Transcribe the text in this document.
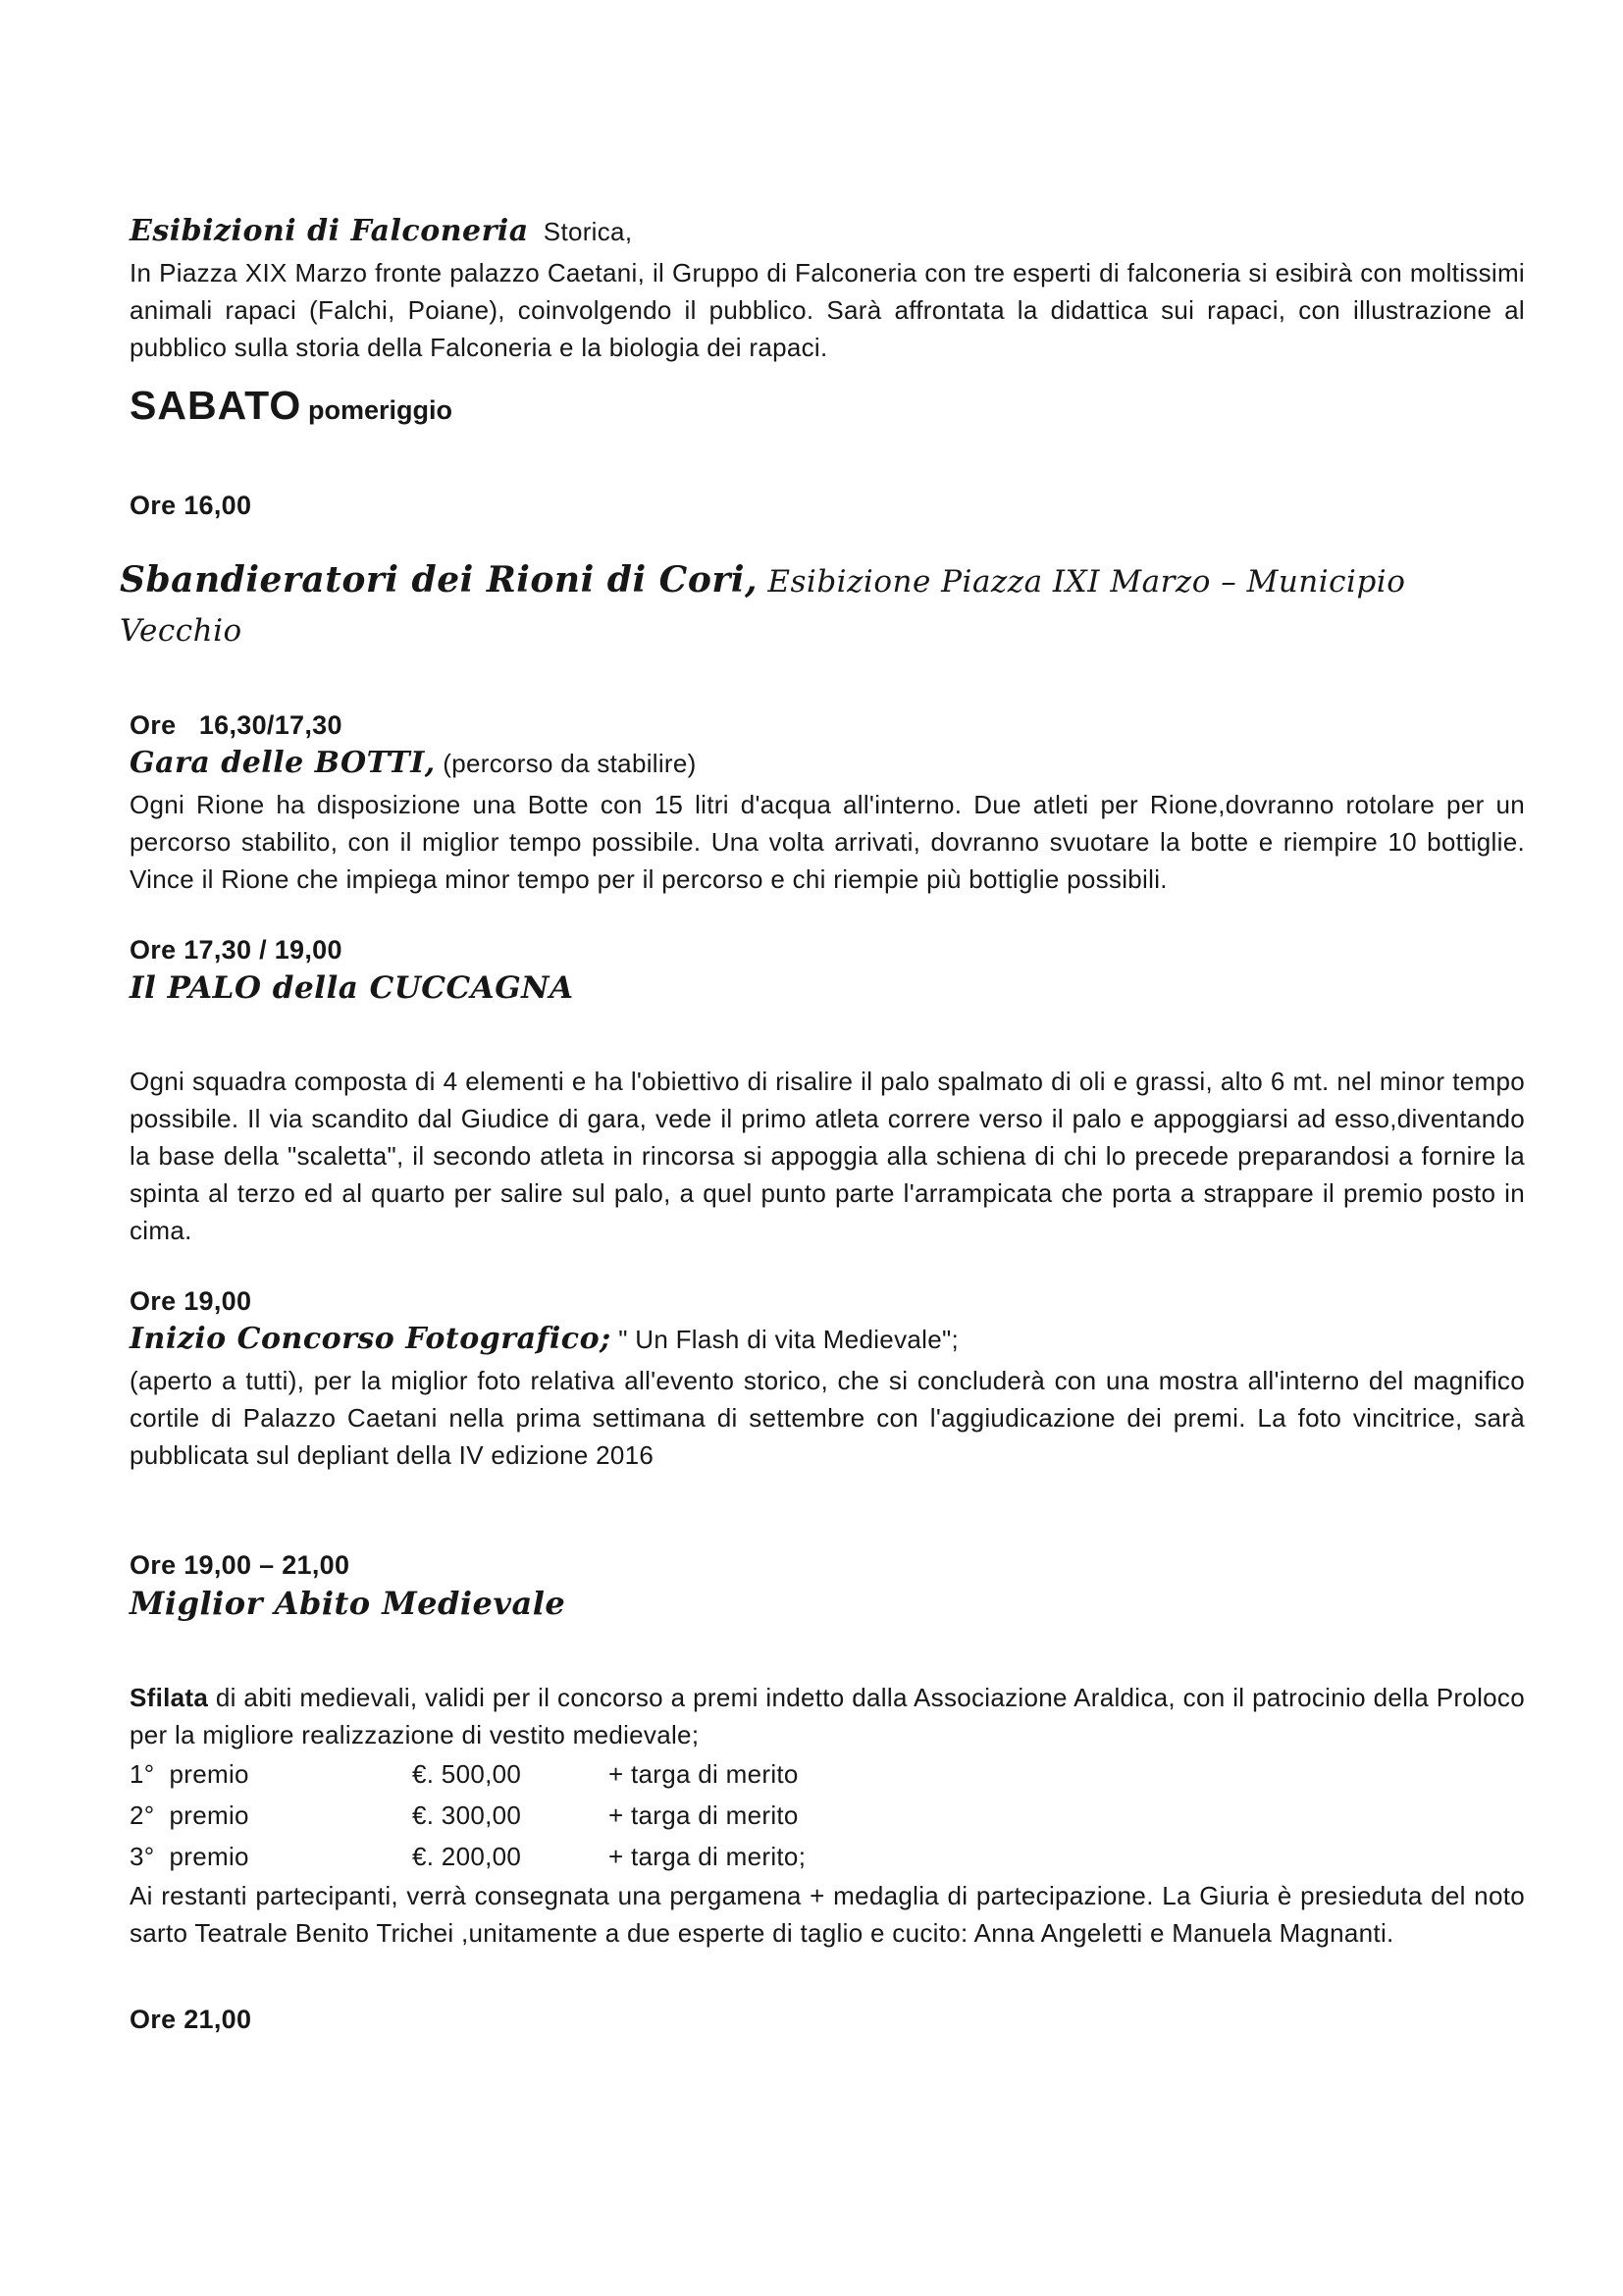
Esibizioni di Falconeria  Storica,

In Piazza XIX Marzo fronte palazzo Caetani, il Gruppo di Falconeria con tre esperti di falconeria si esibirà con moltissimi animali rapaci (Falchi, Poiane), coinvolgendo il pubblico. Sarà affrontata la didattica sui rapaci, con illustrazione al pubblico sulla storia della Falconeria e la biologia dei rapaci.

SABATO pomeriggio

Ore 16,00

Sbandieratori dei Rioni di Cori, Esibizione Piazza IXI Marzo – Municipio Vecchio

Ore   16,30/17,30

Gara delle BOTTI, (percorso da stabilire)

Ogni Rione ha disposizione una Botte con 15 litri d'acqua all'interno. Due atleti per Rione,dovranno rotolare per un percorso stabilito, con il miglior tempo possibile. Una volta arrivati, dovranno svuotare la botte e riempire 10 bottiglie. Vince il Rione che impiega minor tempo per il percorso e chi riempie più bottiglie possibili.

Ore 17,30 / 19,00

Il PALO della CUCCAGNA

Ogni squadra composta di 4 elementi e ha l'obiettivo di risalire il palo spalmato di oli e grassi, alto 6 mt. nel minor tempo possibile. Il via scandito dal Giudice di gara, vede il primo atleta correre verso il palo e appoggiarsi ad esso,diventando la base della "scaletta", il secondo atleta in rincorsa si appoggia alla schiena di chi lo precede preparandosi a fornire la spinta al terzo ed al quarto per salire sul palo, a quel punto parte l'arrampicata che porta a strappare il premio posto in cima.

Ore 19,00

Inizio Concorso Fotografico; " Un Flash di vita Medievale";

(aperto a tutti), per la miglior foto relativa all'evento storico, che si concluderà con una mostra all'interno del magnifico cortile di Palazzo Caetani nella prima settimana di settembre con l'aggiudicazione dei premi. La foto vincitrice, sarà pubblicata sul depliant della IV edizione 2016

Ore 19,00 – 21,00

Miglior Abito Medievale

Sfilata di abiti medievali, validi per il concorso a premi indetto dalla Associazione Araldica, con il patrocinio della Proloco per la migliore realizzazione di vestito medievale;

1°  premio	€. 500,00	+ targa di merito
2°  premio	€. 300,00	+ targa di merito
3°  premio	€. 200,00	+ targa di merito;

Ai restanti partecipanti, verrà consegnata una pergamena + medaglia di partecipazione. La Giuria è presieduta del noto sarto Teatrale Benito Trichei ,unitamente a due esperte di taglio e cucito: Anna Angeletti e Manuela Magnanti.

Ore 21,00
